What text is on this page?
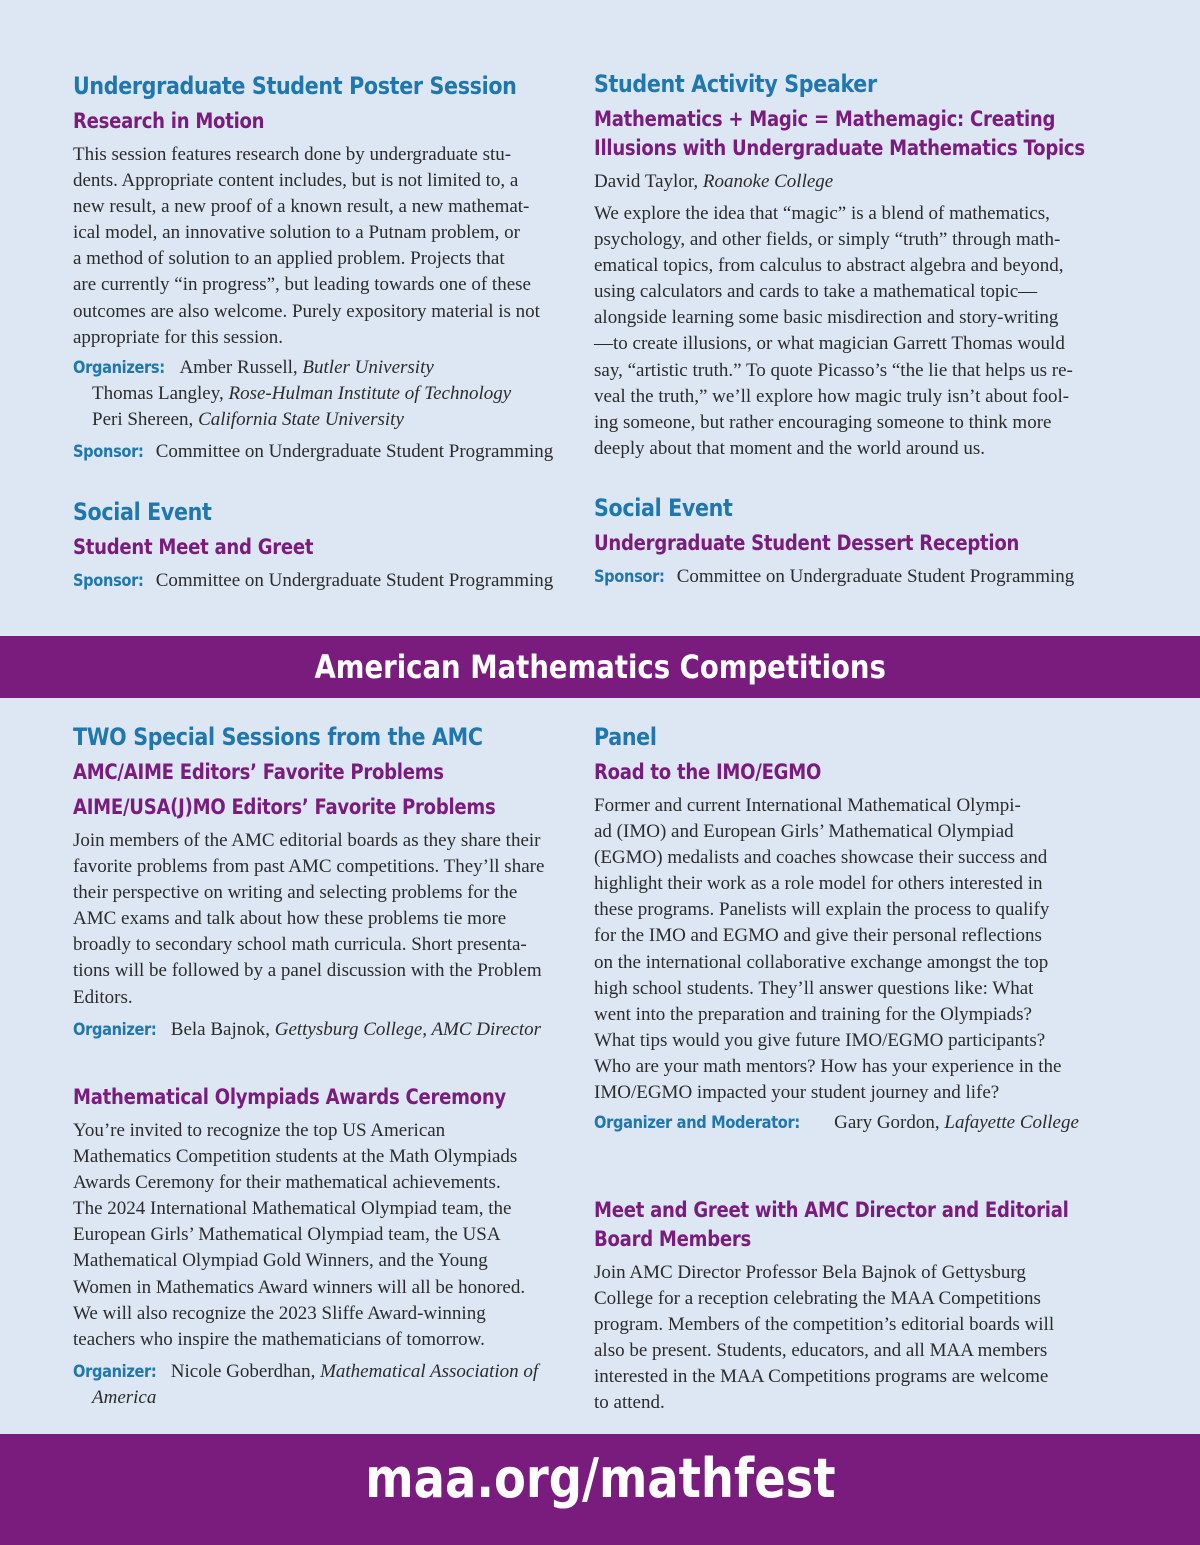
Undergraduate Student Poster Session
Research in Motion
This session features research done by undergraduate stu-
dents. Appropriate content includes, but is not limited to, a
new result, a new proof of a known result, a new mathemat-
ical model, an innovative solution to a Putnam problem, or
a method of solution to an applied problem. Projects that
are currently “in progress”, but leading towards one of these
outcomes are also welcome. Purely expository material is not
appropriate for this session.
Organizers: Amber Russell, Butler University
Thomas Langley, Rose-Hulman Institute of Technology
Peri Shereen, California State University
Sponsor: Committee on Undergraduate Student Programming
Social Event
Student Meet and Greet
Sponsor: Committee on Undergraduate Student Programming
Student Activity Speaker
Mathematics + Magic = Mathemagic: Creating
Illusions with Undergraduate Mathematics Topics
David Taylor, Roanoke College
We explore the idea that “magic” is a blend of mathematics,
psychology, and other fields, or simply “truth” through math-
ematical topics, from calculus to abstract algebra and beyond,
using calculators and cards to take a mathematical topic—
alongside learning some basic misdirection and story-writing
—to create illusions, or what magician Garrett Thomas would
say, “artistic truth.” To quote Picasso’s “the lie that helps us re-
veal the truth,” we’ll explore how magic truly isn’t about fool-
ing someone, but rather encouraging someone to think more
deeply about that moment and the world around us.
Social Event
Undergraduate Student Dessert Reception
Sponsor: Committee on Undergraduate Student Programming
American Mathematics Competitions
TWO Special Sessions from the AMC
AMC/AIME Editors’ Favorite Problems
AIME/USA(J)MO Editors’ Favorite Problems
Join members of the AMC editorial boards as they share their
favorite problems from past AMC competitions. They’ll share
their perspective on writing and selecting problems for the
AMC exams and talk about how these problems tie more
broadly to secondary school math curricula. Short presenta-
tions will be followed by a panel discussion with the Problem
Editors.
Organizer: Bela Bajnok, Gettysburg College, AMC Director
Mathematical Olympiads Awards Ceremony
You’re invited to recognize the top US American
Mathematics Competition students at the Math Olympiads
Awards Ceremony for their mathematical achievements.
The 2024 International Mathematical Olympiad team, the
European Girls’ Mathematical Olympiad team, the USA
Mathematical Olympiad Gold Winners, and the Young
Women in Mathematics Award winners will all be honored.
We will also recognize the 2023 Sliffe Award-winning
teachers who inspire the mathematicians of tomorrow.
Organizer: Nicole Goberdhan, Mathematical Association of
America
Panel
Road to the IMO/EGMO
Former and current International Mathematical Olympi-
ad (IMO) and European Girls’ Mathematical Olympiad
(EGMO) medalists and coaches showcase their success and
highlight their work as a role model for others interested in
these programs. Panelists will explain the process to qualify
for the IMO and EGMO and give their personal reflections
on the international collaborative exchange amongst the top
high school students. They’ll answer questions like: What
went into the preparation and training for the Olympiads?
What tips would you give future IMO/EGMO participants?
Who are your math mentors? How has your experience in the
IMO/EGMO impacted your student journey and life?
Organizer and Moderator: Gary Gordon, Lafayette College
Meet and Greet with AMC Director and Editorial
Board Members
Join AMC Director Professor Bela Bajnok of Gettysburg
College for a reception celebrating the MAA Competitions
program. Members of the competition’s editorial boards will
also be present. Students, educators, and all MAA members
interested in the MAA Competitions programs are welcome
to attend.
maa.org/mathfest
